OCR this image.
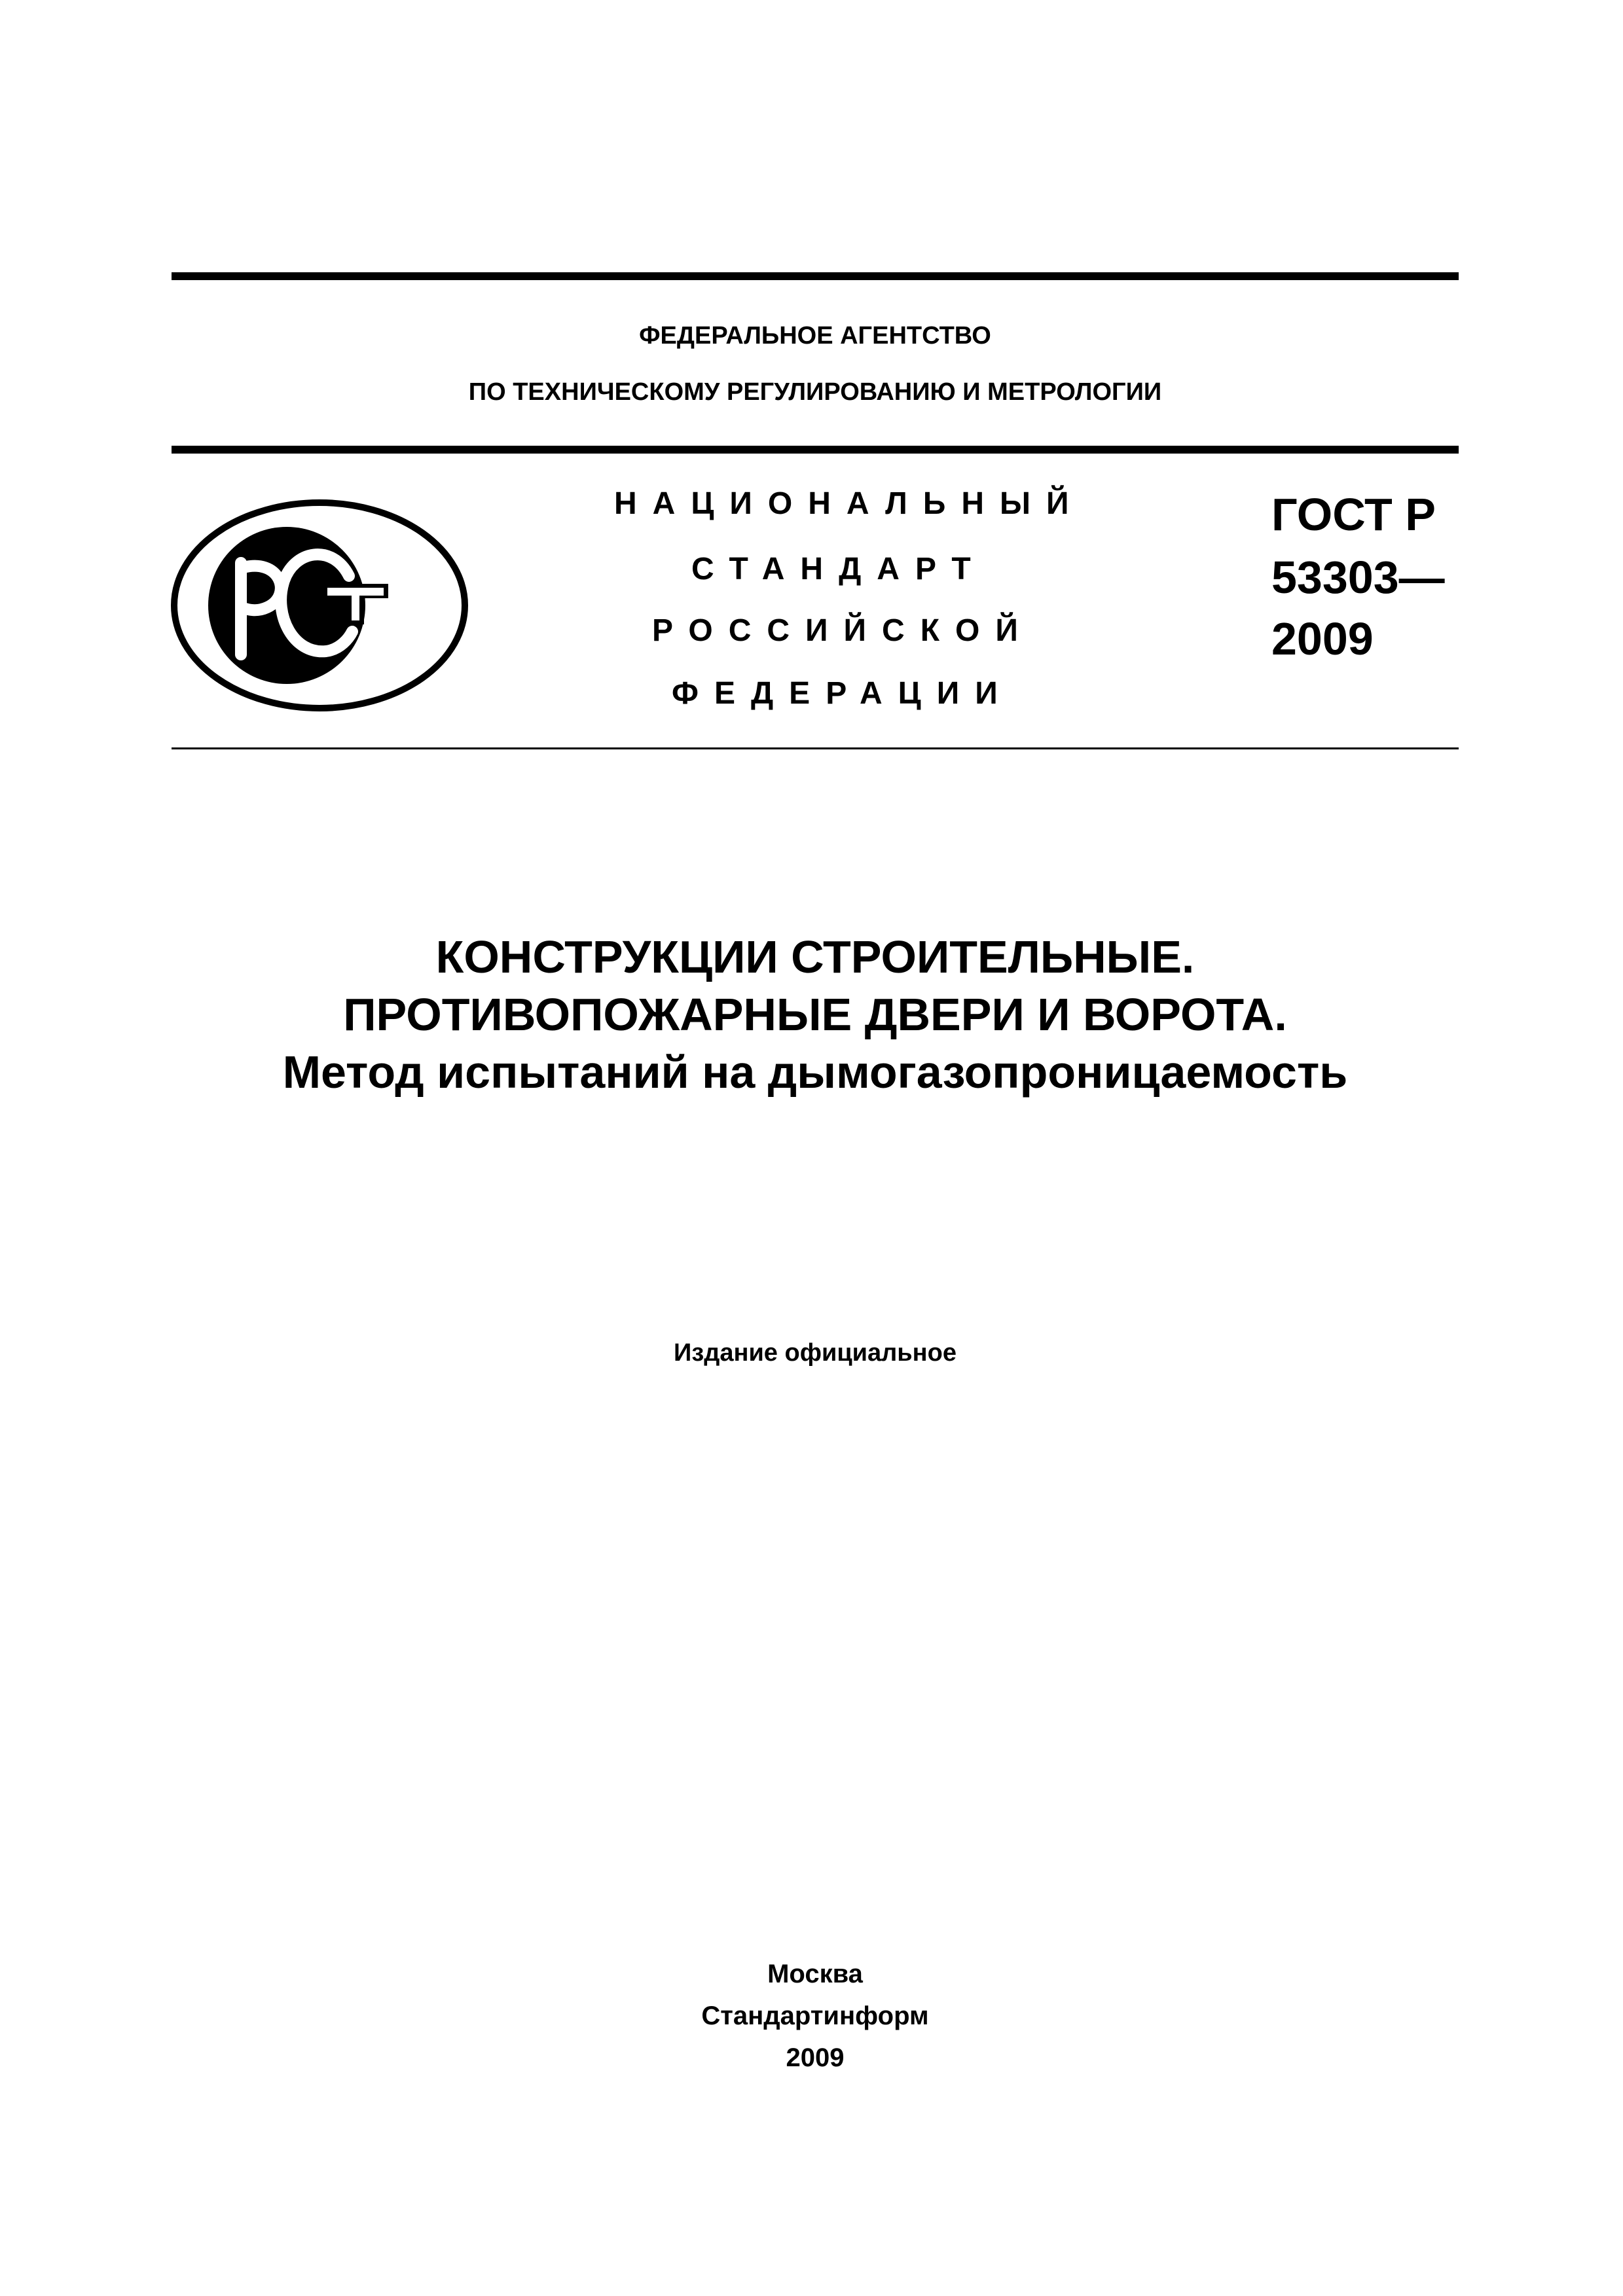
ФЕДЕРАЛЬНОЕ АГЕНТСТВО
ПО ТЕХНИЧЕСКОМУ РЕГУЛИРОВАНИЮ И МЕТРОЛОГИИ
НАЦИОНАЛЬНЫЙ
СТАНДАРТ
РОССИЙСКОЙ
ФЕДЕРАЦИИ
ГОСТ Р
53303—
2009
КОНСТРУКЦИИ СТРОИТЕЛЬНЫЕ.
ПРОТИВОПОЖАРНЫЕ ДВЕРИ И ВОРОТА.
Метод испытаний на дымогазопроницаемость
Издание официальное
Москва
Стандартинформ
2009
